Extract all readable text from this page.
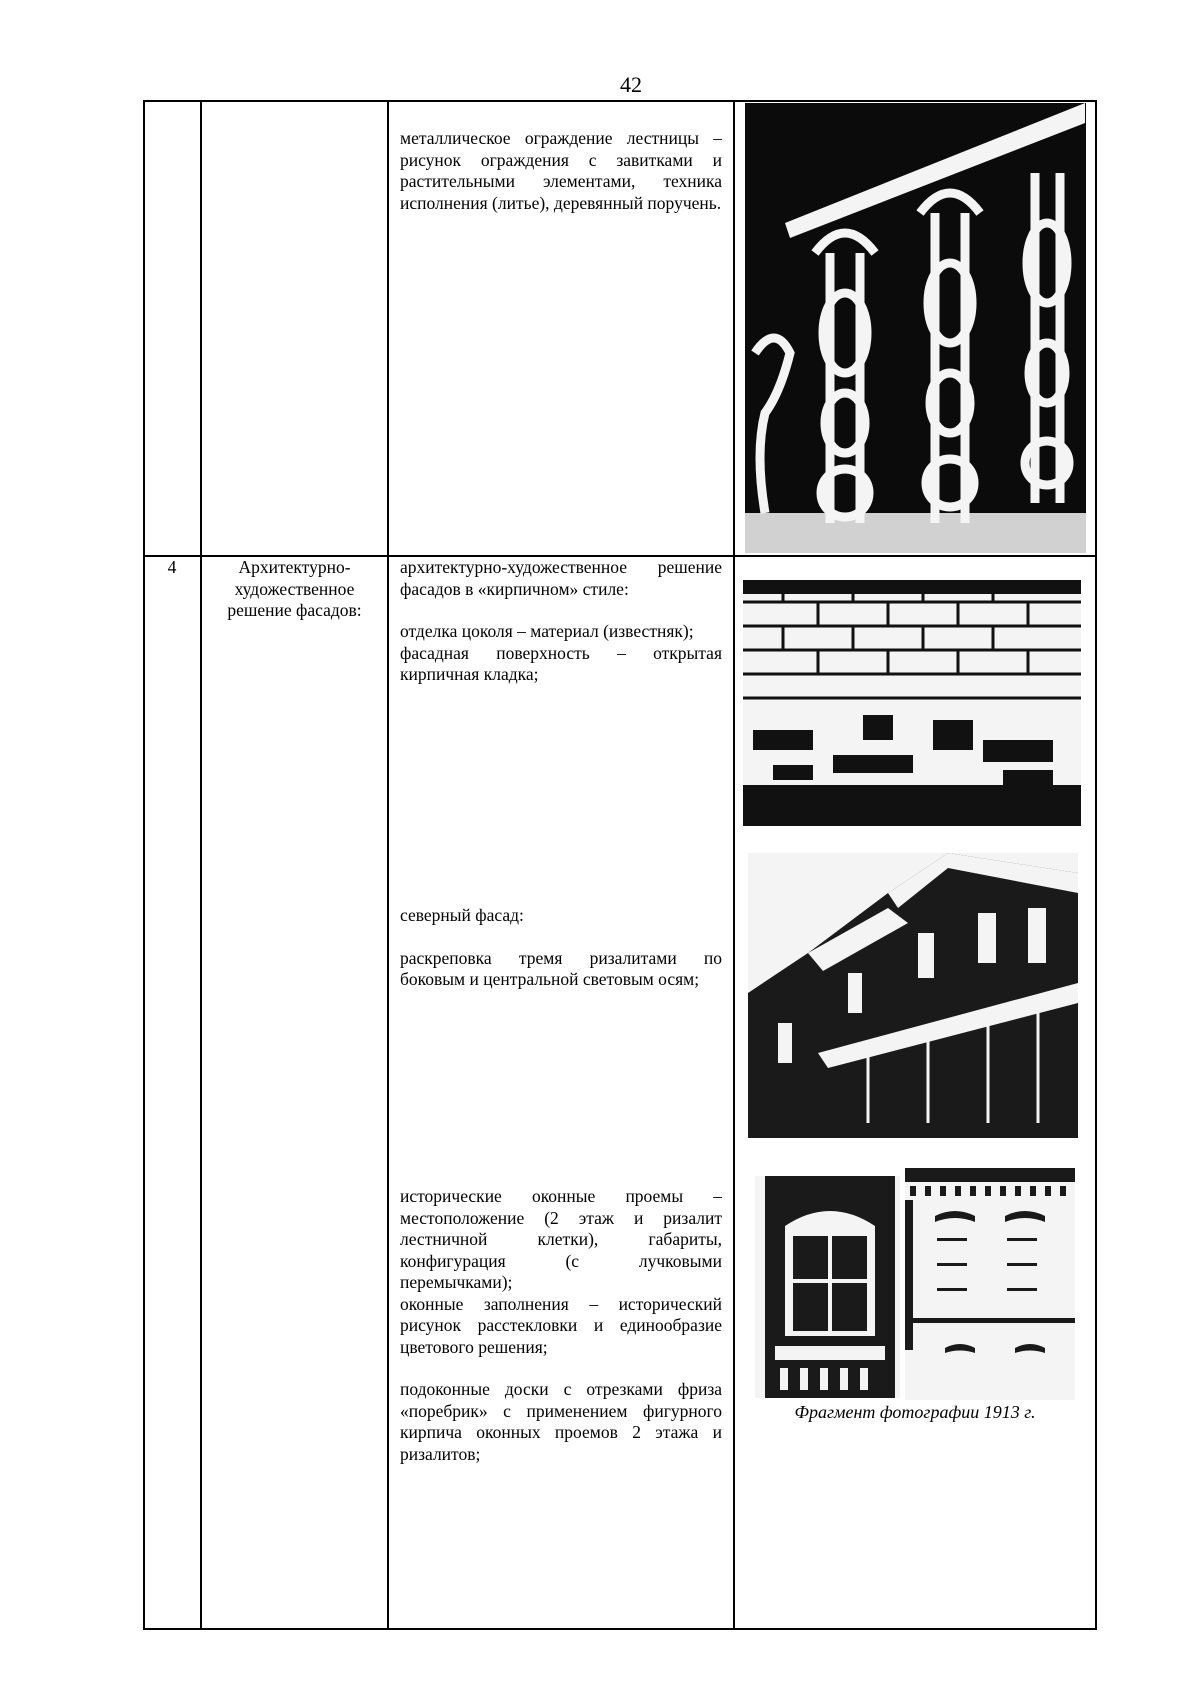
42

металлическое ограждение лестницы – рисунок ограждения с завитками и растительными элементами, техника исполнения (литье), деревянный поручень.

4	Архитектурно-художественное решение фасадов:

архитектурно-художественное решение фасадов в «кирпичном» стиле:

отделка цоколя – материал (известняк);

фасадная поверхность – открытая кирпичная кладка;

северный фасад:

раскреповка тремя ризалитами по боковым и центральной световым осям;

исторические оконные проемы – местоположение (2 этаж и ризалит лестничной клетки), габариты, конфигурация (с лучковыми перемычками);

оконные заполнения – исторический рисунок расстекловки и единообразие цветового решения;

подоконные доски с отрезками фриза «поребрик» с применением фигурного кирпича оконных проемов 2 этажа и ризалитов;

Фрагмент фотографии 1913 г.
